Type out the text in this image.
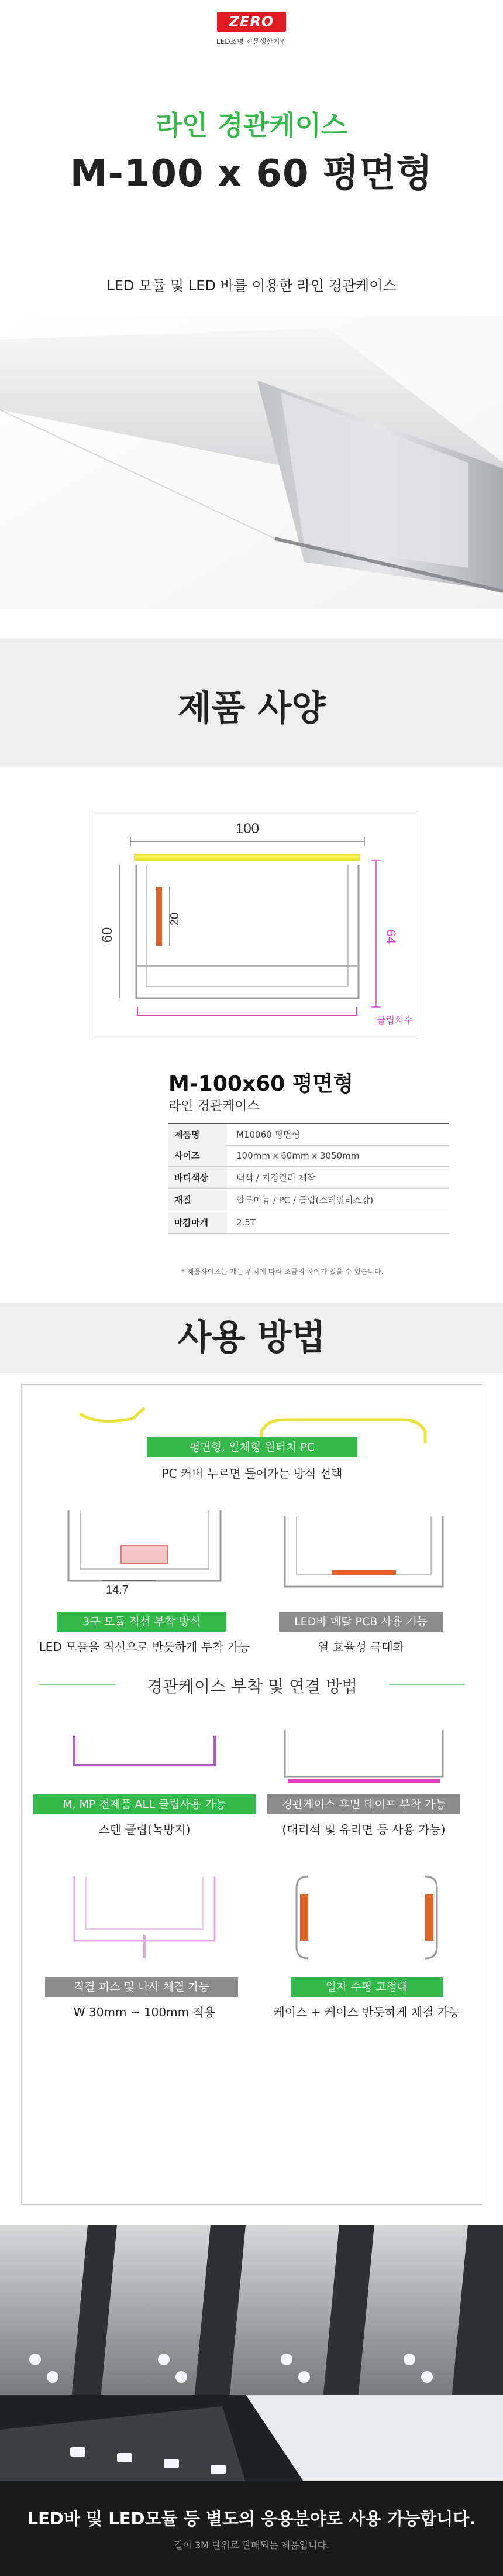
ZERO
LED조명 전문생산기업
라인 경관케이스
M-100 x 60 평면형
LED 모듈 및 LED 바를 이용한 라인 경관케이스
제품 사양
100
20
60	64
클립치수
M-100x60 평면형
라인 경관케이스
제품명	M10060 평면형
사이즈	100mm x 60mm x 3050mm
바디색상	백색 / 지정컬러 제작
재질	알루미늄 / PC / 클립(스테인리스강)
마감마개	2.5T
* 제품사이즈는 재는 위치에 따라 조금의 차이가 있을 수 있습니다.
사용 방법
평면형, 일체형 원터치 PC
PC 커버 누르면 들어가는 방식 선택
14.7
3구 모듈 직선 부착 방식
LED 모듈을 직선으로 반듯하게 부착 가능
LED바 메탈 PCB 사용 가능
열 효율성 극대화
경관케이스 부착 및 연결 방법
M, MP 전제품 ALL 클립사용 가능
스텐 클립(녹방지)
경관케이스 후면 테이프 부착 가능
(대리석 및 유리면 등 사용 가능)
직결 피스 및 나사 체결 가능
W 30mm ~ 100mm 적용
일자 수평 고정대
케이스 + 케이스 반듯하게 체결 가능
LED바 및 LED모듈 등 별도의 응용분야로 사용 가능합니다.
길이 3M 단위로 판매되는 제품입니다.
